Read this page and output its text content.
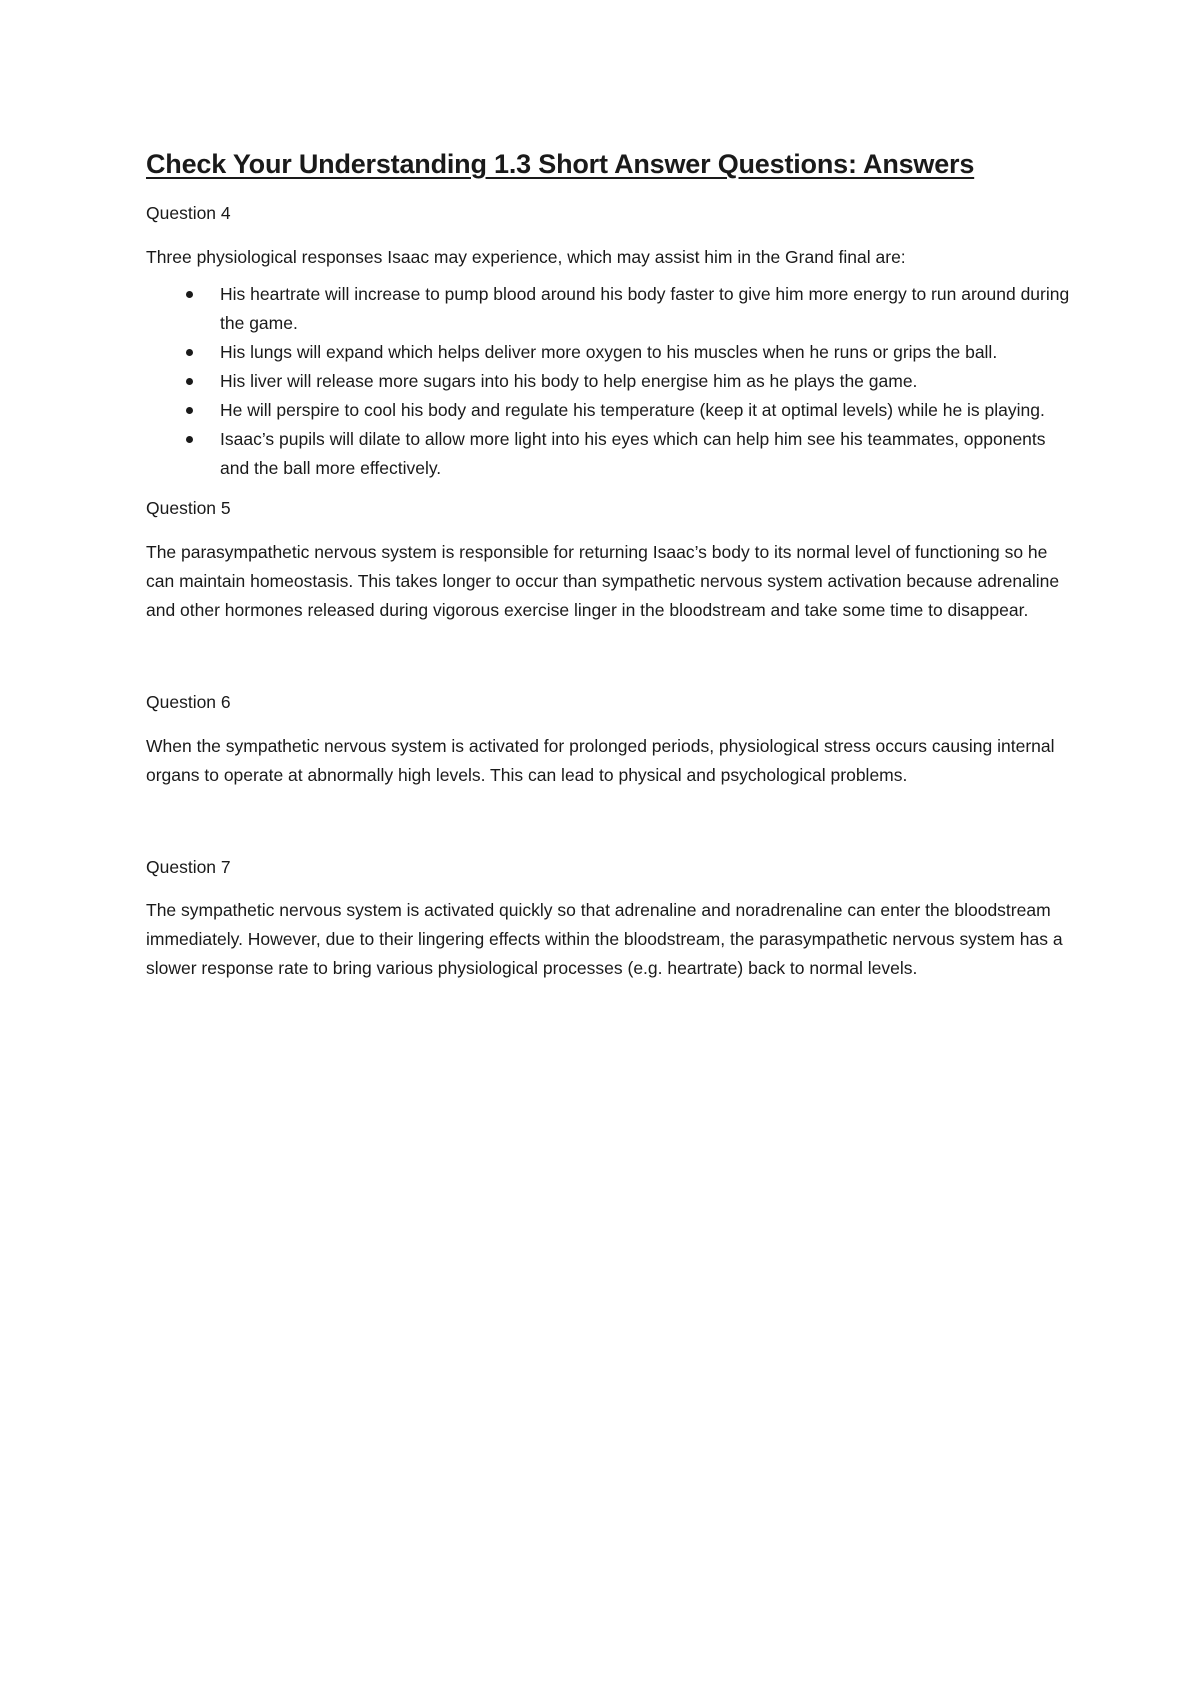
Check Your Understanding 1.3 Short Answer Questions: Answers

Question 4

Three physiological responses Isaac may experience, which may assist him in the Grand final are:

His heartrate will increase to pump blood around his body faster to give him more energy to run around during the game.
His lungs will expand which helps deliver more oxygen to his muscles when he runs or grips the ball.
His liver will release more sugars into his body to help energise him as he plays the game.
He will perspire to cool his body and regulate his temperature (keep it at optimal levels) while he is playing.
Isaac’s pupils will dilate to allow more light into his eyes which can help him see his teammates, opponents and the ball more effectively.

Question 5

The parasympathetic nervous system is responsible for returning Isaac’s body to its normal level of functioning so he can maintain homeostasis. This takes longer to occur than sympathetic nervous system activation because adrenaline and other hormones released during vigorous exercise linger in the bloodstream and take some time to disappear.

Question 6

When the sympathetic nervous system is activated for prolonged periods, physiological stress occurs causing internal organs to operate at abnormally high levels. This can lead to physical and psychological problems.

Question 7

The sympathetic nervous system is activated quickly so that adrenaline and noradrenaline can enter the bloodstream immediately. However, due to their lingering effects within the bloodstream, the parasympathetic nervous system has a slower response rate to bring various physiological processes (e.g. heartrate) back to normal levels.
